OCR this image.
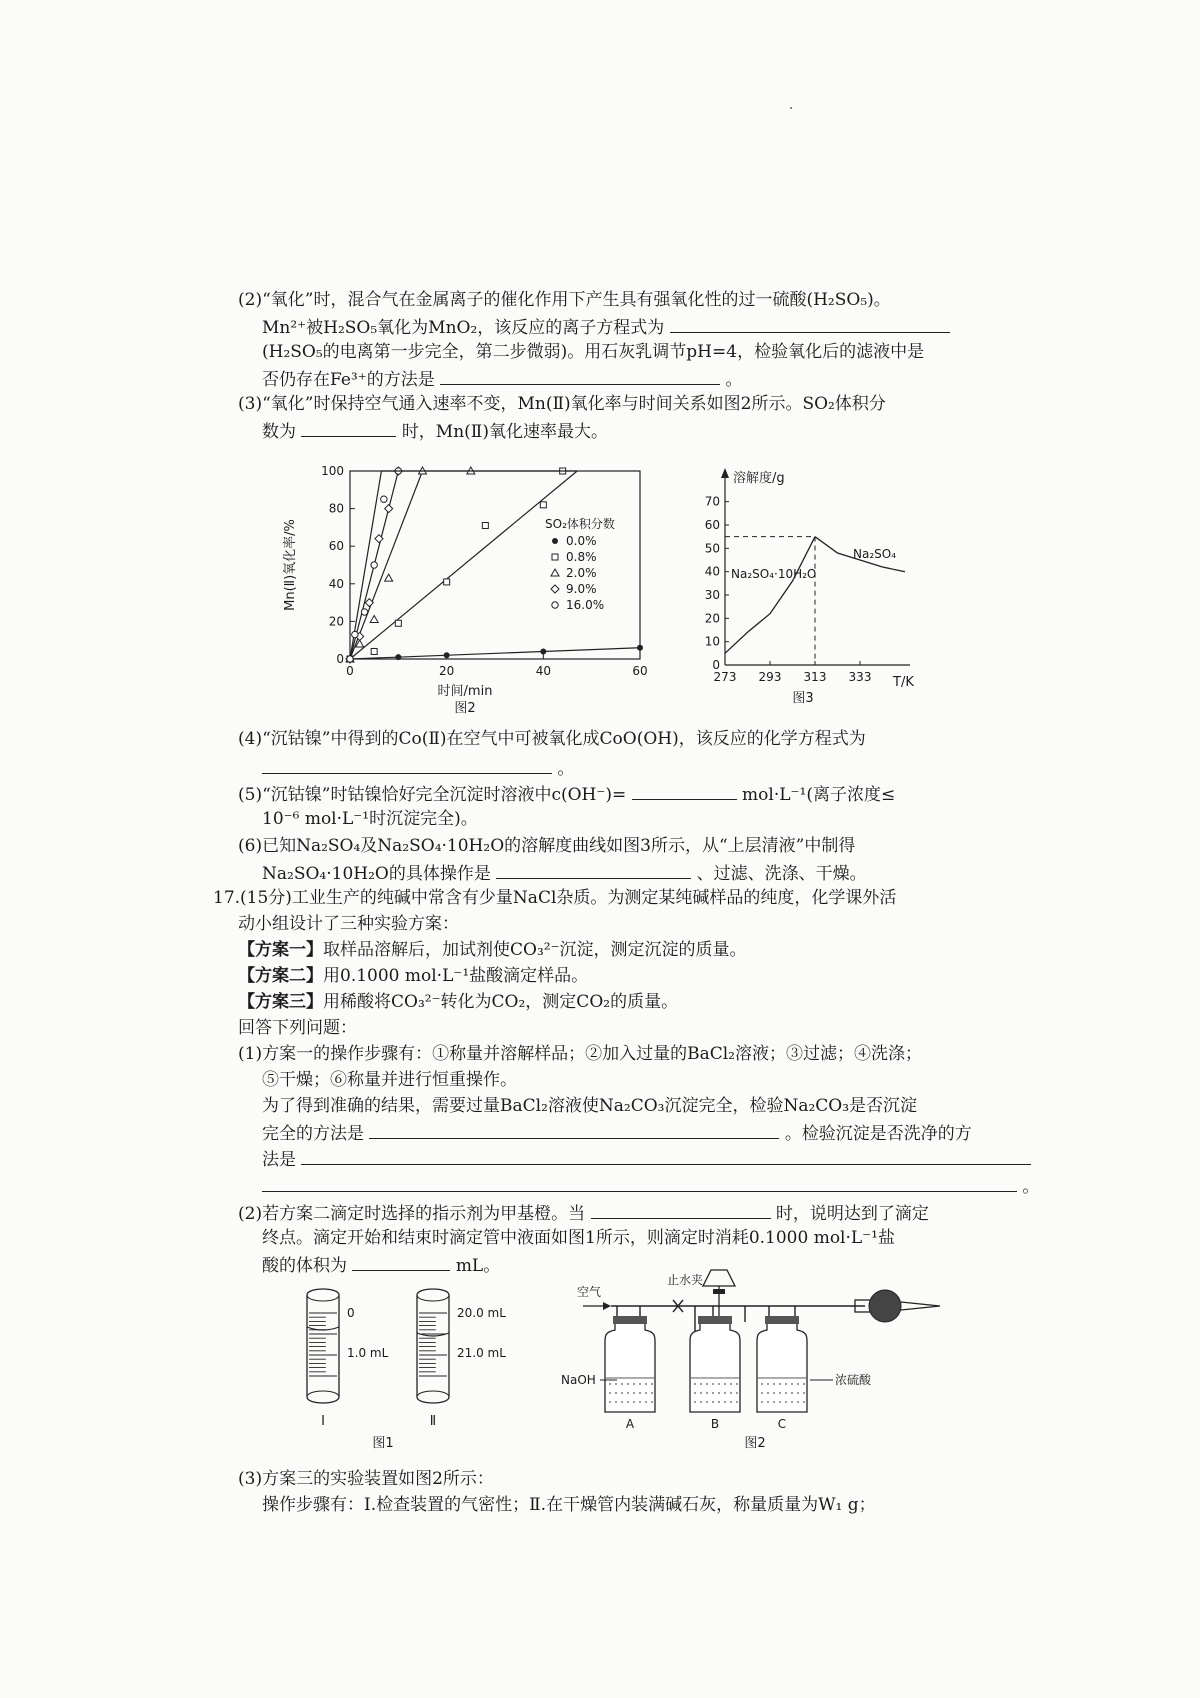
(2)“氧化”时，混合气在金属离子的催化作用下产生具有强氧化性的过一硫酸(H₂SO₅)。
Mn²⁺被H₂SO₅氧化为MnO₂，该反应的离子方程式为
(H₂SO₅的电离第一步完全，第二步微弱)。用石灰乳调节pH=4，检验氧化后的滤液中是
否仍存在Fe³⁺的方法是	。
(3)“氧化”时保持空气通入速率不变，Mn(Ⅱ)氧化率与时间关系如图2所示。SO₂体积分
数为	时，Mn(Ⅱ)氧化速率最大。
0
20
40
60
80
100
0	20	40	60
Mn(Ⅱ)氧化率/%
时间/min
图2
SO₂体积分数
0.0%
0.8%
2.0%
9.0%
16.0%
0
10
20
30
40
50
60
70
273 293 313 333
溶解度/g
T/K
图3
Na₂SO₄·10H₂O
Na₂SO₄
(4)“沉钴镍”中得到的Co(Ⅱ)在空气中可被氧化成CoO(OH)，该反应的化学方程式为
。
(5)“沉钴镍”时钴镍恰好完全沉淀时溶液中c(OH⁻)=	mol·L⁻¹(离子浓度≤
10⁻⁶ mol·L⁻¹时沉淀完全)。
(6)已知Na₂SO₄及Na₂SO₄·10H₂O的溶解度曲线如图3所示，从“上层清液”中制得
Na₂SO₄·10H₂O的具体操作是	、过滤、洗涤、干燥。
17.(15分)工业生产的纯碱中常含有少量NaCl杂质。为测定某纯碱样品的纯度，化学课外活
动小组设计了三种实验方案：
【方案一】取样品溶解后，加试剂使CO₃²⁻沉淀，测定沉淀的质量。
【方案二】用0.1000 mol·L⁻¹盐酸滴定样品。
【方案三】用稀酸将CO₃²⁻转化为CO₂，测定CO₂的质量。
回答下列问题：
(1)方案一的操作步骤有：①称量并溶解样品；②加入过量的BaCl₂溶液；③过滤；④洗涤；
⑤干燥；⑥称量并进行恒重操作。
为了得到准确的结果，需要过量BaCl₂溶液使Na₂CO₃沉淀完全，检验Na₂CO₃是否沉淀
完全的方法是	。检验沉淀是否洗净的方
法是
。
(2)若方案二滴定时选择的指示剂为甲基橙。当	时，说明达到了滴定
终点。滴定开始和结束时滴定管中液面如图1所示，则滴定时消耗0.1000 mol·L⁻¹盐
酸的体积为	mL。
0
1.0 mL
Ⅰ
20.0 mL
21.0 mL
Ⅱ
图1
空气
止水夹
NaOH	浓硫酸
A	B	C
图2
(3)方案三的实验装置如图2所示：
操作步骤有：Ⅰ.检查装置的气密性；Ⅱ.在干燥管内装满碱石灰，称量质量为W₁ g；
